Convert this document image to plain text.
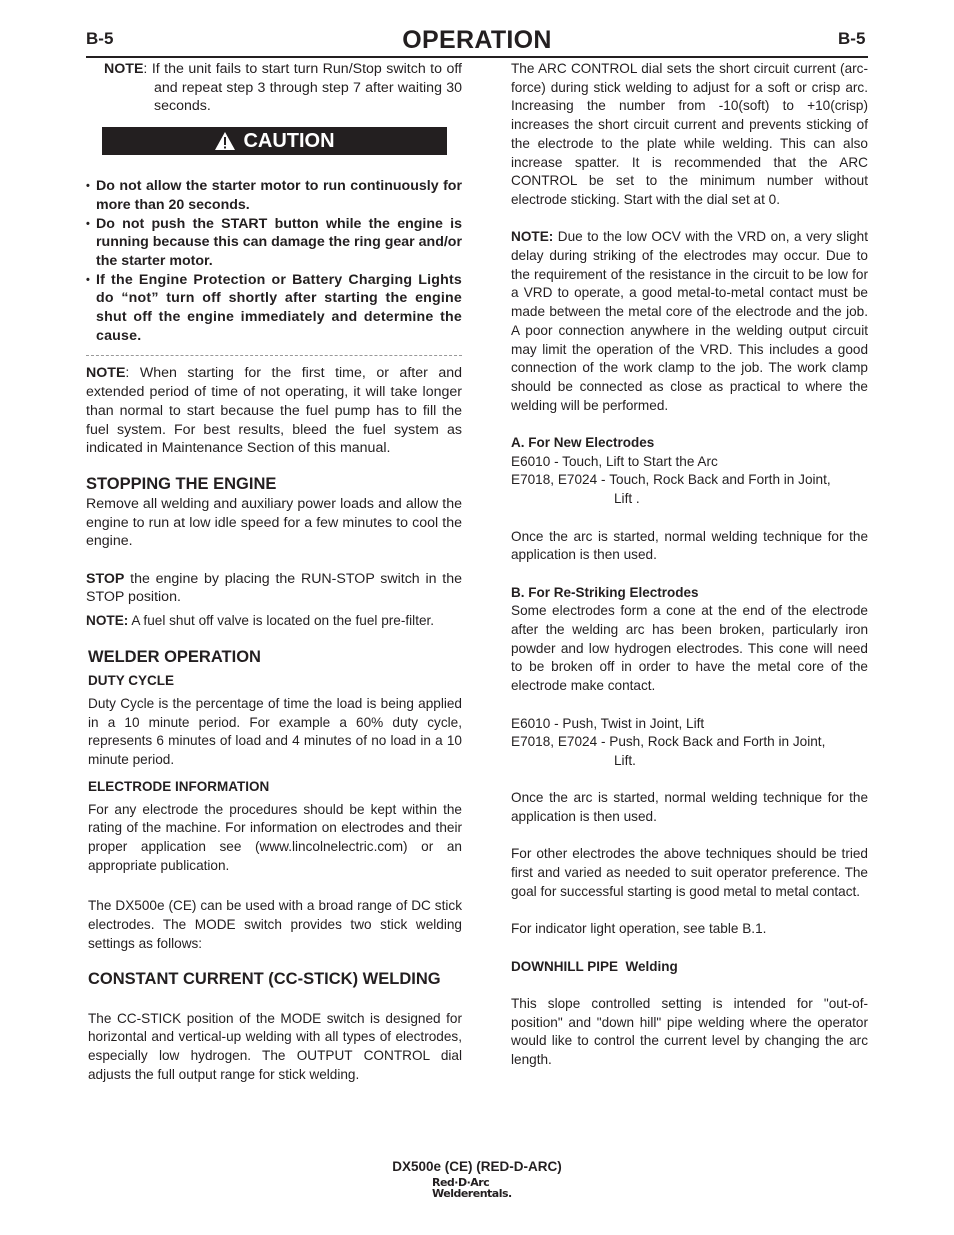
B-5	OPERATION	B-5
NOTE: If the unit fails to start turn Run/Stop switch to off and repeat step 3 through step 7 after waiting 30 seconds.
CAUTION
• Do not allow the starter motor to run continuously for more than 20 seconds.
• Do not push the START button while the engine is running because this can damage the ring gear and/or the starter motor.
• If the Engine Protection or Battery Charging Lights do “not” turn off shortly after starting the engine shut off the engine immediately and determine the cause.

NOTE: When starting for the first time, or after and extended period of time of not operating, it will take longer than normal to start because the fuel pump has to fill the fuel system. For best results, bleed the fuel system as indicated in Maintenance Section of this manual.

STOPPING THE ENGINE

Remove all welding and auxiliary power loads and allow the engine to run at low idle speed for a few minutes to cool the engine.

STOP the engine by placing the RUN-STOP switch in the STOP position.

NOTE: A fuel shut off valve is located on the fuel pre-filter.

WELDER OPERATION
DUTY CYCLE

Duty Cycle is the percentage of time the load is being applied in a 10 minute period. For example a 60% duty cycle, represents 6 minutes of load and 4 minutes of no load in a 10 minute period.

ELECTRODE INFORMATION

For any electrode the procedures should be kept within the rating of the machine. For information on electrodes and their proper application see (www.lincolnelectric.com) or an appropriate publication.

The DX500e (CE) can be used with a broad range of DC stick electrodes. The MODE switch provides two stick welding settings as follows:

CONSTANT CURRENT (CC-STICK) WELDING

The CC-STICK position of the MODE switch is designed for horizontal and vertical-up welding with all types of electrodes, especially low hydrogen. The OUTPUT CONTROL dial adjusts the full output range for stick welding.

The ARC CONTROL dial sets the short circuit current (arc-force) during stick welding to adjust for a soft or crisp arc. Increasing the number from -10(soft) to +10(crisp) increases the short circuit current and prevents sticking of the electrode to the plate while welding. This can also increase spatter. It is recommended that the ARC CONTROL be set to the minimum number without electrode sticking. Start with the dial set at 0.

NOTE: Due to the low OCV with the VRD on, a very slight delay during striking of the electrodes may occur. Due to the requirement of the resistance in the circuit to be low for a VRD to operate, a good metal-to-metal contact must be made between the metal core of the electrode and the job. A poor connection anywhere in the welding output circuit may limit the operation of the VRD. This includes a good connection of the work clamp to the job. The work clamp should be connected as close as practical to where the welding will be performed.

A. For New Electrodes

E6010 - Touch, Lift to Start the Arc

E7018, E7024 - Touch, Rock Back and Forth in Joint,

Lift .

Once the arc is started, normal welding technique for the application is then used.

B. For Re-Striking Electrodes

Some electrodes form a cone at the end of the electrode after the welding arc has been broken, particularly iron powder and low hydrogen electrodes. This cone will need to be broken off in order to have the metal core of the electrode make contact.

E6010 - Push, Twist in Joint, Lift

E7018, E7024 - Push, Rock Back and Forth in Joint,

Lift.

Once the arc is started, normal welding technique for the application is then used.

For other electrodes the above techniques should be tried first and varied as needed to suit operator preference. The goal for successful starting is good metal to metal contact.

For indicator light operation, see table B.1.

DOWNHILL PIPE  Welding

This slope controlled setting is intended for "out-of-position" and "down hill" pipe welding where the operator would like to control the current level by changing the arc length.

DX500e (CE) (RED-D-ARC)
Red·D·Arc
Welderentals.
